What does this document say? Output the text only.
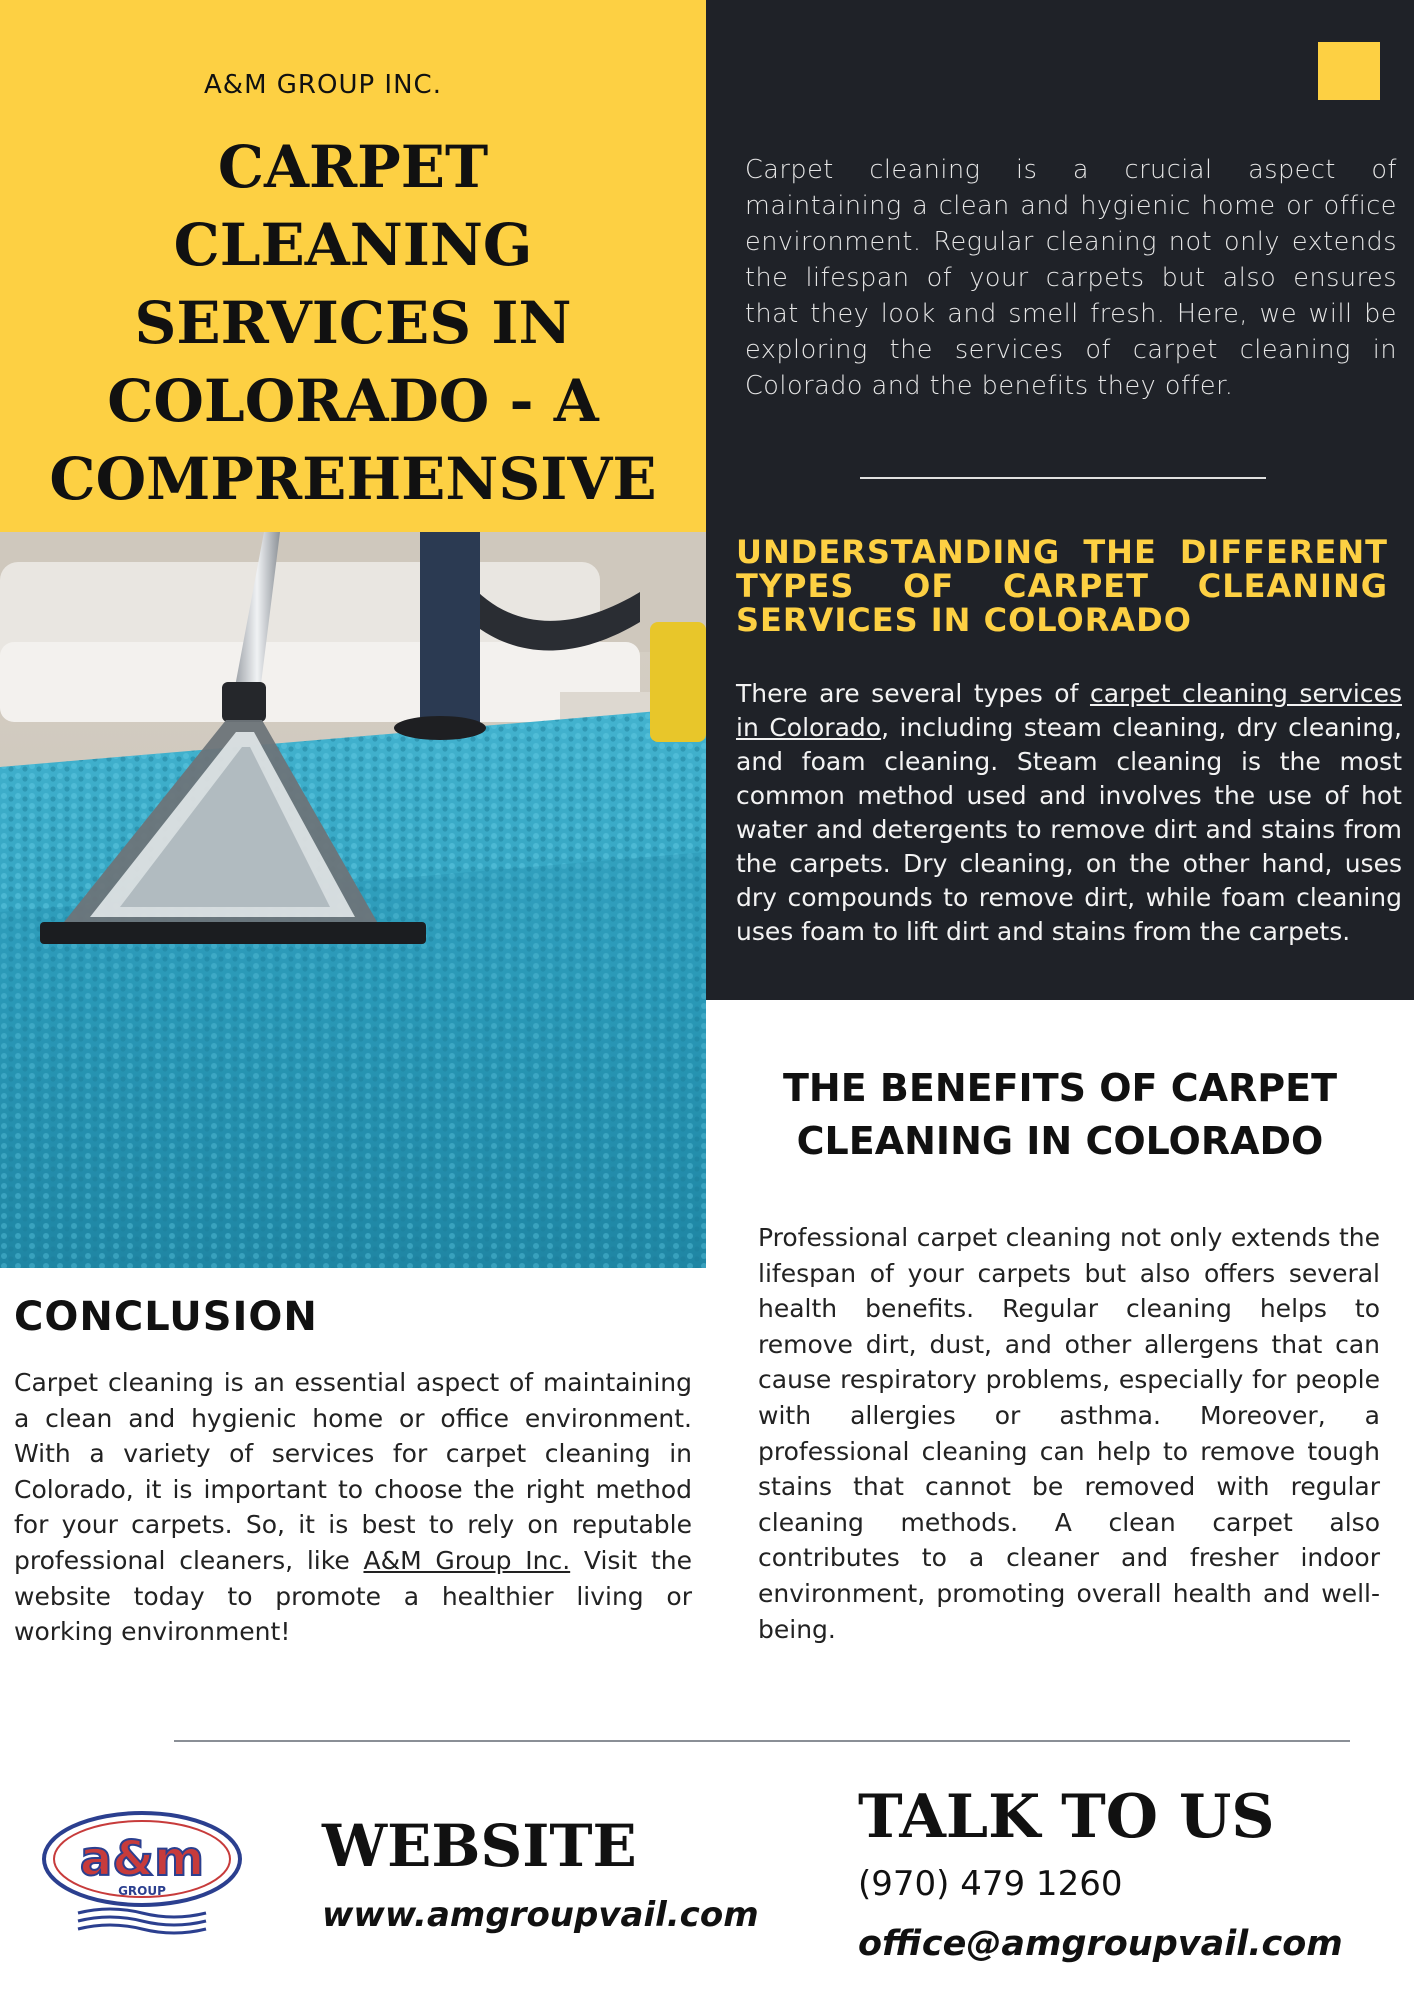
A&M GROUP INC.
CARPET CLEANING
SERVICES IN
COLORADO - A
COMPREHENSIVE

Carpet cleaning is a crucial aspect of maintaining a clean and hygienic home or office environment. Regular cleaning not only extends the lifespan of your carpets but also ensures that they look and smell fresh. Here, we will be exploring the services of carpet cleaning in Colorado and the benefits they offer.

UNDERSTANDING THE DIFFERENT TYPES OF CARPET CLEANING SERVICES IN COLORADO

There are several types of carpet cleaning services in Colorado, including steam cleaning, dry cleaning, and foam cleaning. Steam cleaning is the most common method used and involves the use of hot water and detergents to remove dirt and stains from the carpets. Dry cleaning, on the other hand, uses dry compounds to remove dirt, while foam cleaning uses foam to lift dirt and stains from the carpets.

THE BENEFITS OF CARPET
CLEANING IN COLORADO

Professional carpet cleaning not only extends the lifespan of your carpets but also offers several health benefits. Regular cleaning helps to remove dirt, dust, and other allergens that can cause respiratory problems, especially for people with allergies or asthma. Moreover, a professional cleaning can help to remove tough stains that cannot be removed with regular cleaning methods. A clean carpet also contributes to a cleaner and fresher indoor environment, promoting overall health and well-being.

CONCLUSION

Carpet cleaning is an essential aspect of maintaining a clean and hygienic home or office environment. With a variety of services for carpet cleaning in Colorado, it is important to choose the right method for your carpets. So, it is best to rely on reputable professional cleaners, like A&M Group Inc. Visit the website today to promote a healthier living or working environment!

a&m
GROUP
WEBSITE
www.amgroupvail.com
TALK TO US
(970) 479 1260
office@amgroupvail.com
